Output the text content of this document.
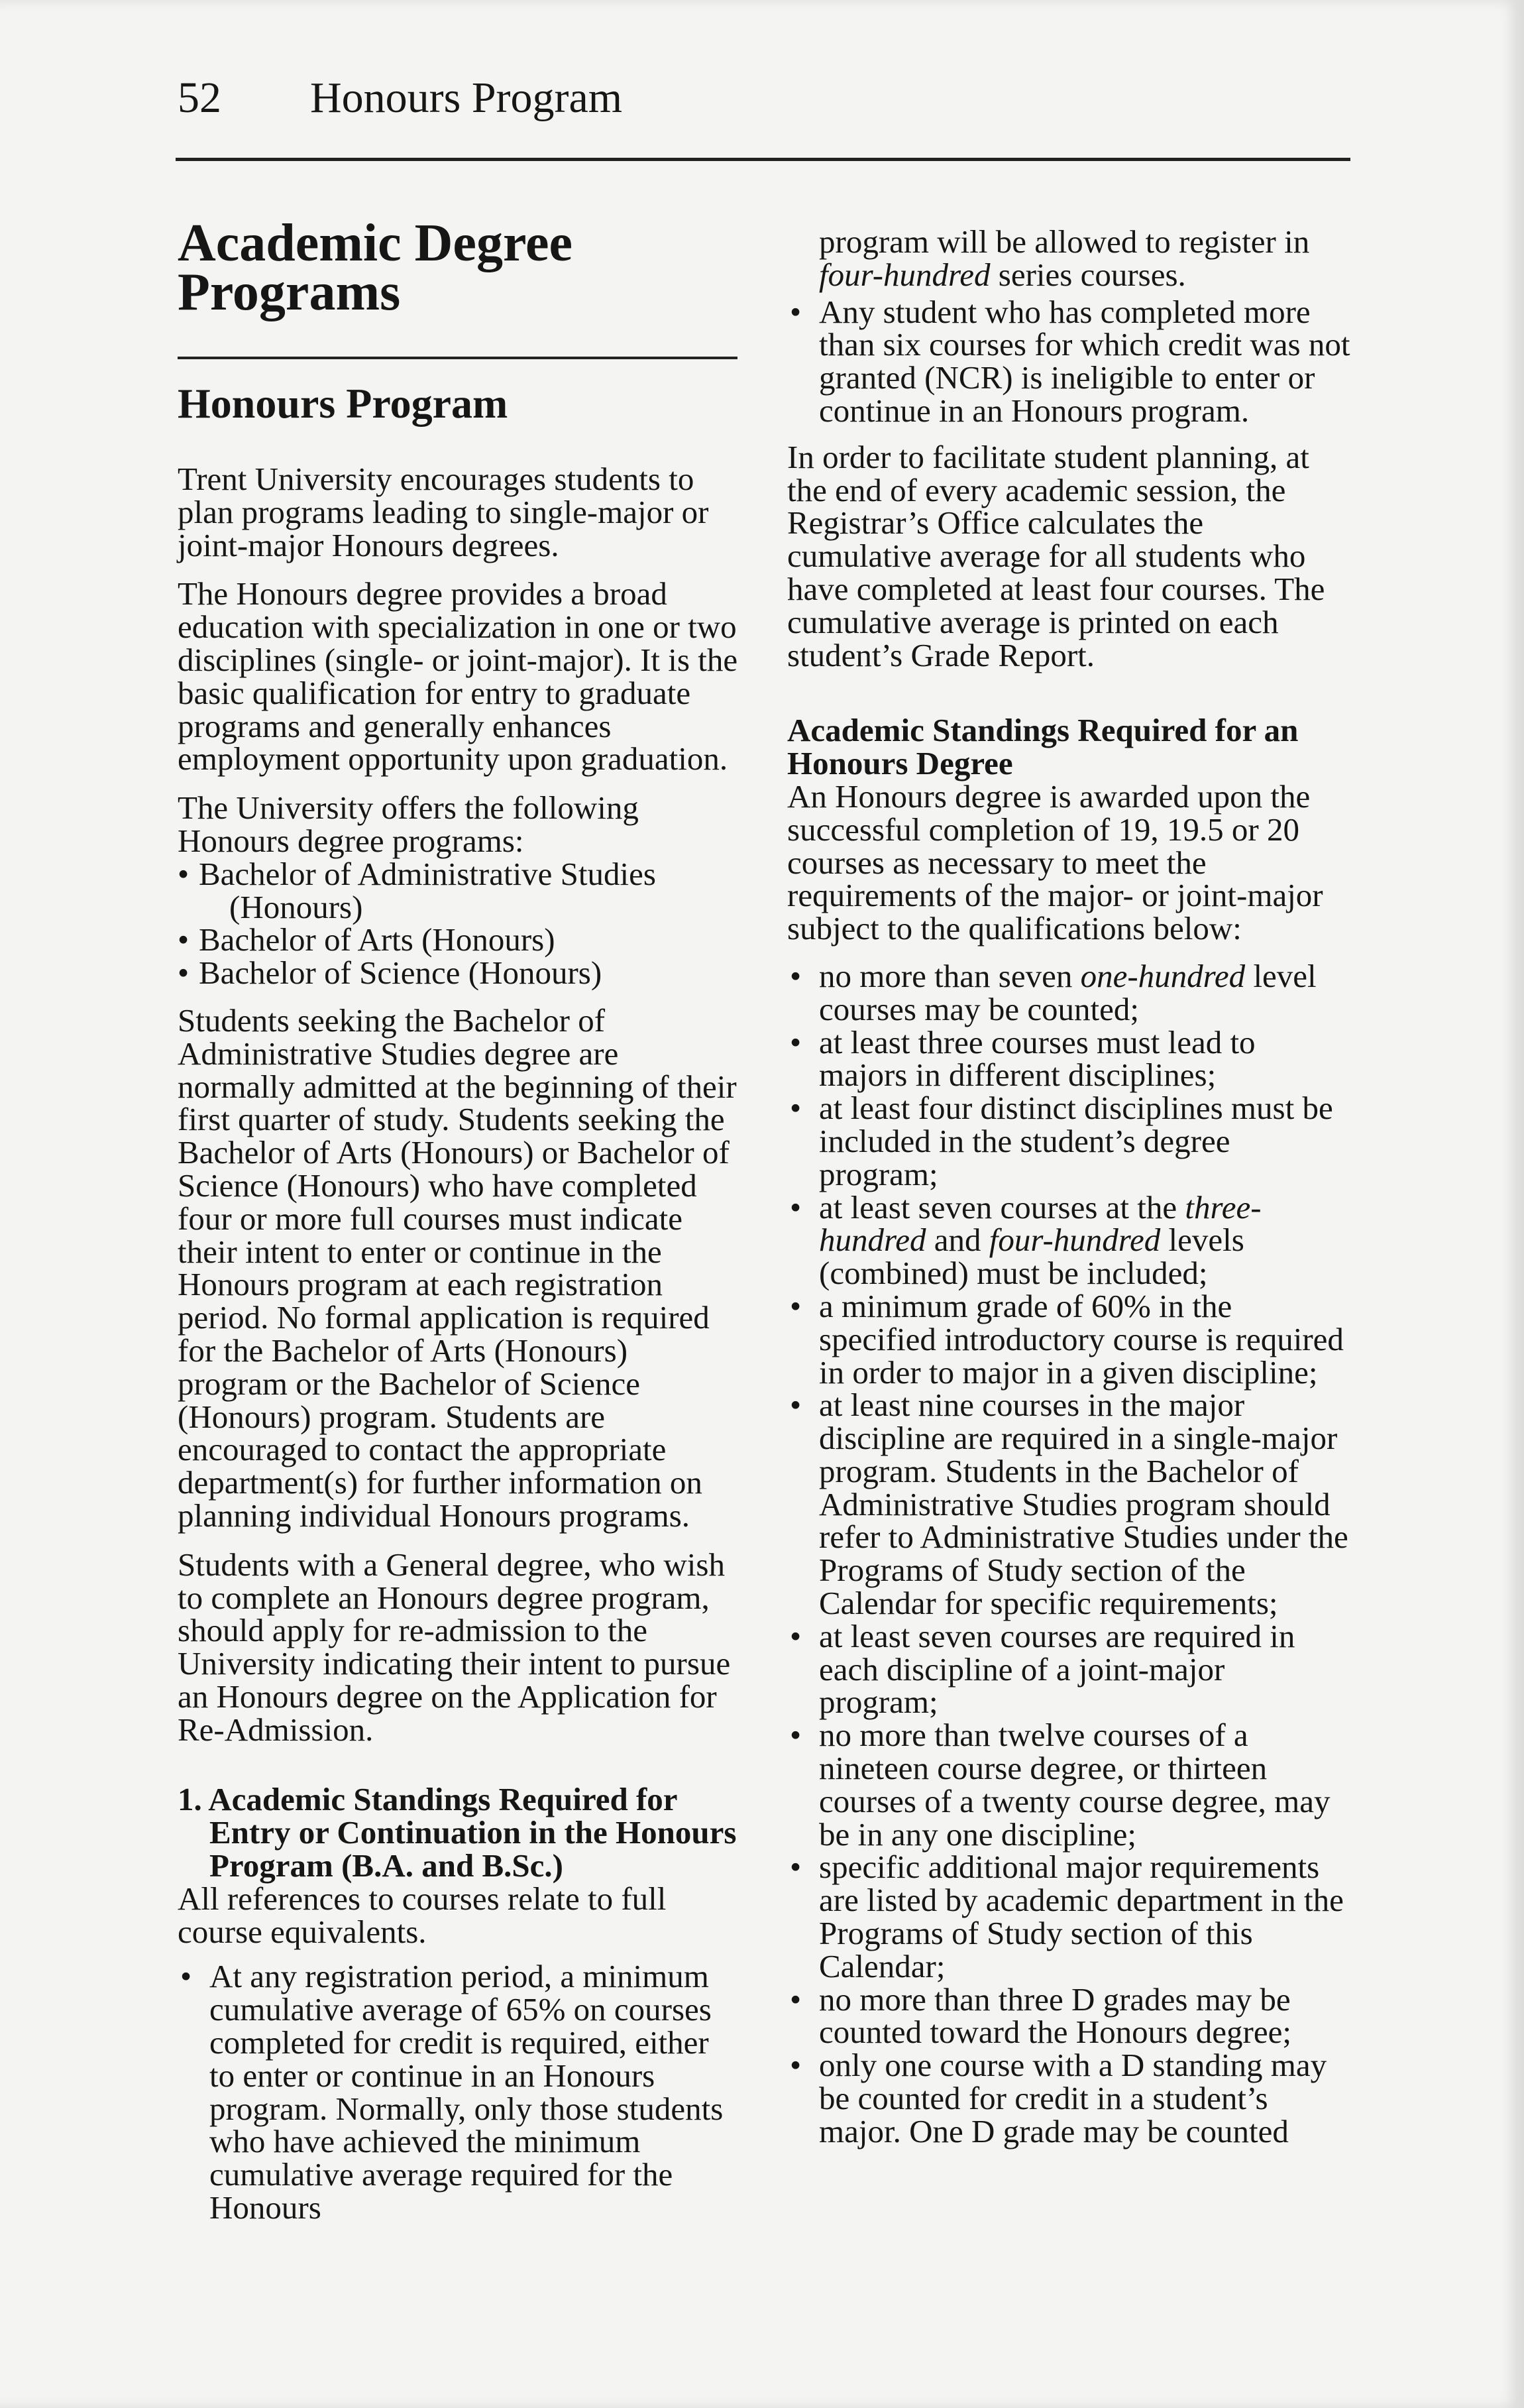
52 Honours Program
Academic Degree Programs
Honours Program

Trent University encourages students to plan programs leading to single-major or joint-major Honours degrees.

The Honours degree provides a broad education with specialization in one or two disciplines (single- or joint-major). It is the basic qualification for entry to graduate programs and generally enhances employment opportunity upon graduation.

The University offers the following Honours degree programs:

• Bachelor of Administrative Studies
(Honours)
• Bachelor of Arts (Honours)
• Bachelor of Science (Honours)

Students seeking the Bachelor of Administrative Studies degree are normally admitted at the beginning of their first quarter of study. Students seeking the Bachelor of Arts (Honours) or Bachelor of Science (Honours) who have completed four or more full courses must indicate their intent to enter or continue in the Honours program at each registration period. No formal application is required for the Bachelor of Arts (Honours) program or the Bachelor of Science (Honours) program. Students are encouraged to contact the appropriate department(s) for further information on planning individual Honours programs.

Students with a General degree, who wish to complete an Honours degree program, should apply for re-admission to the University indicating their intent to pursue an Honours degree on the Application for Re-Admission.

1. Academic Standings Required for Entry or Continuation in the Honours Program (B.A. and B.Sc.)

All references to courses relate to full course equivalents.

• At any registration period, a minimum cumulative average of 65% on courses completed for credit is required, either to enter or continue in an Honours program. Normally, only those students who have achieved the minimum cumulative average required for the Honours

program will be allowed to register in four-hundred series courses.

• Any student who has completed more than six courses for which credit was not granted (NCR) is ineligible to enter or continue in an Honours program.

In order to facilitate student planning, at the end of every academic session, the Registrar’s Office calculates the cumulative average for all students who have completed at least four courses. The cumulative average is printed on each student’s Grade Report.

Academic Standings Required for an Honours Degree

An Honours degree is awarded upon the successful completion of 19, 19.5 or 20 courses as necessary to meet the requirements of the major- or joint-major subject to the qualifications below:

• no more than seven one-hundred level courses may be counted;
• at least three courses must lead to majors in different disciplines;
• at least four distinct disciplines must be included in the student’s degree program;
• at least seven courses at the three-hundred and four-hundred levels (combined) must be included;
• a minimum grade of 60% in the specified introductory course is required in order to major in a given discipline;
• at least nine courses in the major discipline are required in a single-major program. Students in the Bachelor of Administrative Studies program should refer to Administrative Studies under the Programs of Study section of the Calendar for specific requirements;
• at least seven courses are required in each discipline of a joint-major program;
• no more than twelve courses of a nineteen course degree, or thirteen courses of a twenty course degree, may be in any one discipline;
• specific additional major requirements are listed by academic department in the Programs of Study section of this Calendar;
• no more than three D grades may be counted toward the Honours degree;
• only one course with a D standing may be counted for credit in a student’s major. One D grade may be counted
